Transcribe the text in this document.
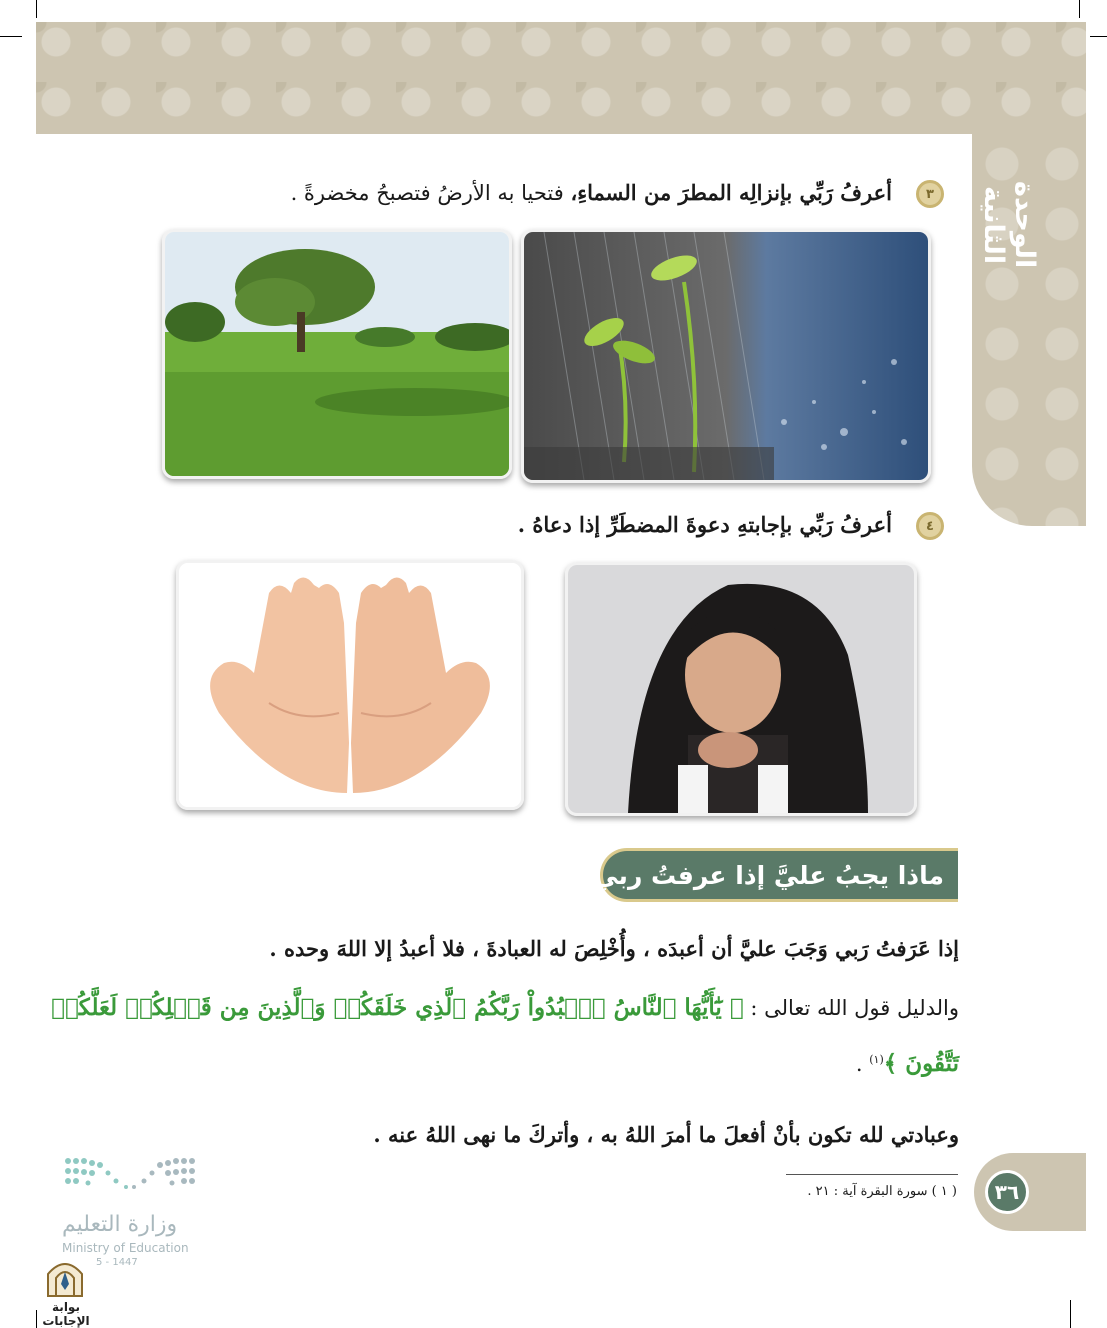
الوحدة الثانية
٣
أعرفُ رَبِّي بإنزالِه المطرَ من السماءِ، فتحيا به الأرضُ فتصبحُ مخضرةً .
٤
أعرفُ رَبِّي بإجابتهِ دعوةَ المضطَرِّ إذا دعاهُ .
ماذا يجبُ عليَّ إذا عرفتُ ربي؟
إذا عَرَفتُ رَبي وَجَبَ عليَّ أن أعبدَه ، وأُخْلِصَ له العبادةَ ، فلا أعبدُ إلا اللهَ وحده .
والدليل قول الله تعالى : ﴿ يَٰٓأَيُّهَا ٱلنَّاسُ ٱعۡبُدُواْ رَبَّكُمُ ٱلَّذِي خَلَقَكُمۡ وَٱلَّذِينَ مِن قَبۡلِكُمۡ لَعَلَّكُمۡ
تَتَّقُونَ ﴾$^{(١)}$ .
وعبادتي لله تكون بأنْ أفعلَ ما أمرَ اللهُ به ، وأتركَ ما نهى اللهُ عنه .
( ١ ) سورة البقرة آية : ٢١ .	٣٦
وزارة التعليم
Ministry of Education
5 - 1447
بوابة الإجابات
